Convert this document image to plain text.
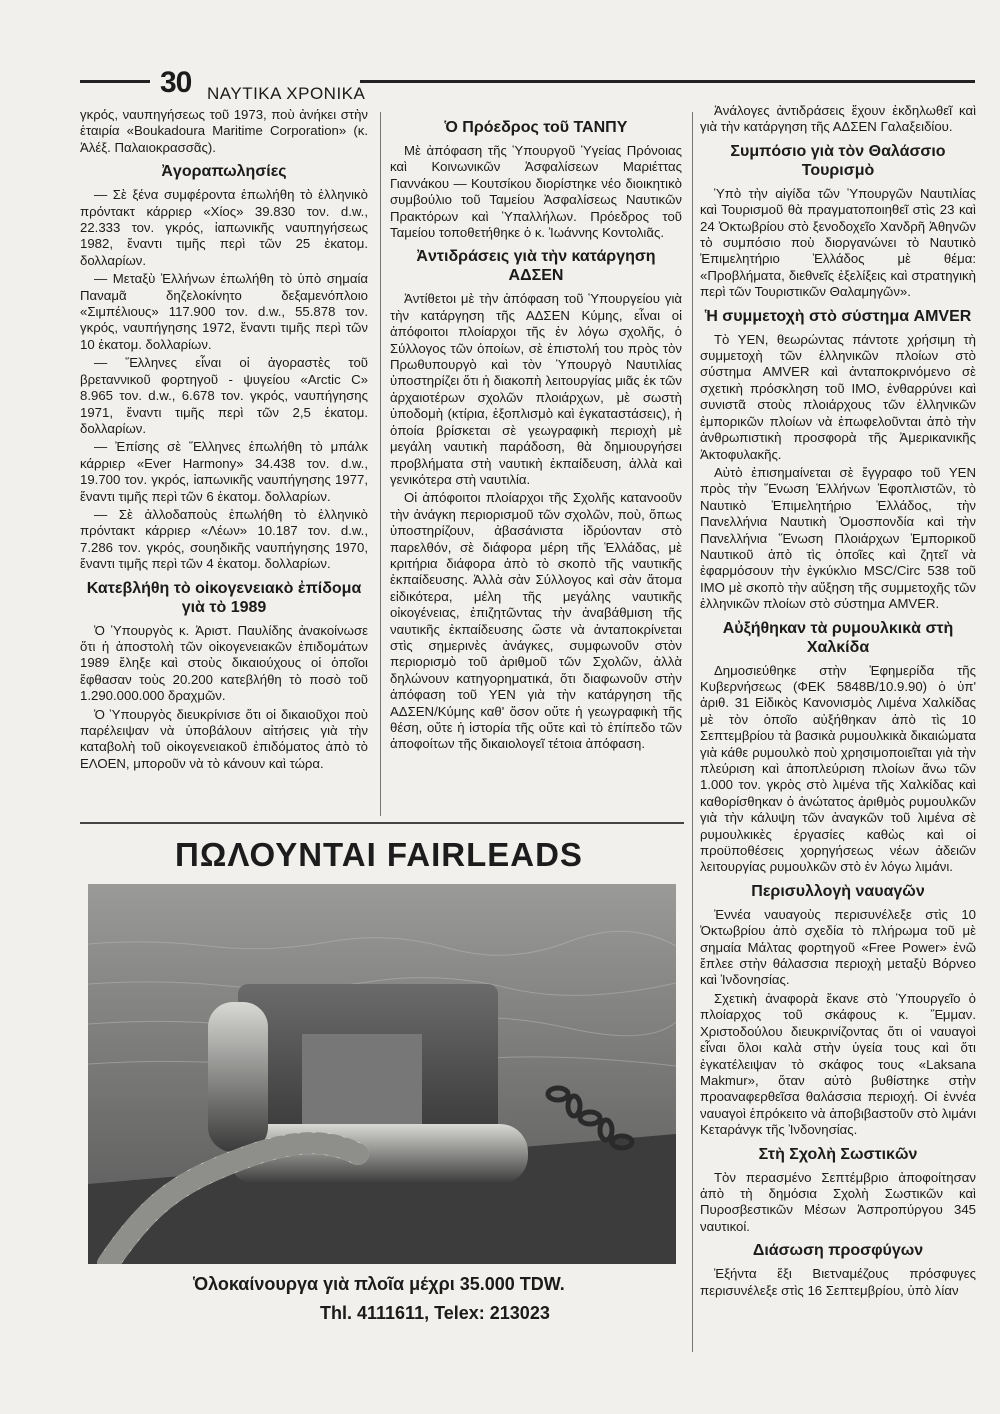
30 ΝΑΥΤΙΚΑ ΧΡΟΝΙΚΑ

γκρός, ναυπηγήσεως τοῦ 1973, ποὺ ἀνήκει στὴν ἑταιρία «Boukadoura Maritime Corporation» (κ. Ἀλέξ. Παλαιοκρασσᾶς).

Ἀγοραπωλησίες

— Σὲ ξένα συμφέροντα ἐπωλήθη τὸ ἑλληνικὸ πρόντακτ κάρριερ «Χίος» 39.830 τον. d.w., 22.333 τον. γκρός, ἰαπωνικῆς ναυπηγήσεως 1982, ἔναντι τιμῆς περὶ τῶν 25 ἑκατομ. δολλαρίων.

— Μεταξὺ Ἑλλήνων ἐπωλήθη τὸ ὑπὸ σημαία Παναμᾶ δηζελοκίνητο δεξαμενόπλοιο «Σιμπέλιους» 117.900 τον. d.w., 55.878 τον. γκρός, ναυπήγησης 1972, ἔναντι τιμῆς περὶ τῶν 10 ἑκατομ. δολλαρίων.

— Ἕλληνες εἶναι οἱ ἀγοραστὲς τοῦ βρεταννικοῦ φορτηγοῦ - ψυγείου «Arctic C» 8.965 τον. d.w., 6.678 τον. γκρός, ναυπήγησης 1971, ἔναντι τιμῆς περὶ τῶν 2,5 ἑκατομ. δολλαρίων.

— Ἐπίσης σὲ Ἕλληνες ἐπωλήθη τὸ μπάλκ κάρριερ «Ever Harmony» 34.438 τον. d.w., 19.700 τον. γκρός, ἰαπωνικῆς ναυπήγησης 1977, ἔναντι τιμῆς περὶ τῶν 6 ἑκατομ. δολλαρίων.

— Σὲ ἀλλοδαποὺς ἐπωλήθη τὸ ἑλληνικὸ πρόντακτ κάρριερ «Λέων» 10.187 τον. d.w., 7.286 τον. γκρός, σουηδικῆς ναυπήγησης 1970, ἔναντι τιμῆς περὶ τῶν 4 ἑκατομ. δολλαρίων.

Κατεβλήθη τὸ οἰκογενειακὸ ἐπίδομα γιὰ τὸ 1989

Ὁ Ὑπουργὸς κ. Ἀριστ. Παυλίδης ἀνακοίνωσε ὅτι ἡ ἀποστολὴ τῶν οἰκογενειακῶν ἐπιδομάτων 1989 ἔληξε καὶ στοὺς δικαιούχους οἱ ὁποῖοι ἔφθασαν τοὺς 20.200 κατεβλήθη τὸ ποσὸ τοῦ 1.290.000.000 δραχμῶν.

Ὁ Ὑπουργὸς διευκρίνισε ὅτι οἱ δικαιοῦχοι ποὺ παρέλειψαν νὰ ὑποβάλουν αἰτήσεις γιὰ τὴν καταβολὴ τοῦ οἰκογενειακοῦ ἐπιδόματος ἀπὸ τὸ ΕΛΟΕΝ, μποροῦν νὰ τὸ κάνουν καὶ τώρα.

Ὁ Πρόεδρος τοῦ ΤΑΝΠΥ

Μὲ ἀπόφαση τῆς Ὑπουργοῦ Ὑγείας Πρόνοιας καὶ Κοινωνικῶν Ἀσφαλίσεων Μαριέττας Γιαννάκου — Κουτσίκου διορίστηκε νέο διοικητικὸ συμβούλιο τοῦ Ταμείου Ἀσφαλίσεως Ναυτικῶν Πρακτόρων καὶ Ὑπαλλήλων. Πρόεδρος τοῦ Ταμείου τοποθετήθηκε ὁ κ. Ἰωάννης Κοντολιᾶς.

Ἀντιδράσεις γιὰ τὴν κατάργηση ΑΔΣΕΝ

Ἀντίθετοι μὲ τὴν ἀπόφαση τοῦ Ὑπουργείου γιὰ τὴν κατάργηση τῆς ΑΔΣΕΝ Κύμης, εἶναι οἱ ἀπόφοιτοι πλοίαρχοι τῆς ἐν λόγω σχολῆς, ὁ Σύλλογος τῶν ὁποίων, σὲ ἐπιστολή του πρὸς τὸν Πρωθυπουργὸ καὶ τὸν Ὑπουργὸ Ναυτιλίας ὑποστηρίζει ὅτι ἡ διακοπὴ λειτουργίας μιᾶς ἐκ τῶν ἀρχαιοτέρων σχολῶν πλοιάρχων, μὲ σωστὴ ὑποδομὴ (κτίρια, ἐξοπλισμὸ καὶ ἐγκαταστάσεις), ἡ ὁποία βρίσκεται σὲ γεωγραφικὴ περιοχὴ μὲ μεγάλη ναυτικὴ παράδοση, θὰ δημιουργήσει προβλήματα στὴ ναυτικὴ ἐκπαίδευση, ἀλλὰ καὶ γενικότερα στὴ ναυτιλία.

Οἱ ἀπόφοιτοι πλοίαρχοι τῆς Σχολῆς κατανοοῦν τὴν ἀνάγκη περιορισμοῦ τῶν σχολῶν, ποὺ, ὅπως ὑποστηρίζουν, ἀβασάνιστα ἱδρύονταν στὸ παρελθόν, σὲ διάφορα μέρη τῆς Ἑλλάδας, μὲ κριτήρια διάφορα ἀπὸ τὸ σκοπὸ τῆς ναυτικῆς ἐκπαίδευσης. Ἀλλὰ σὰν Σύλλογος καὶ σὰν ἄτομα εἰδικότερα, μέλη τῆς μεγάλης ναυτικῆς οἰκογένειας, ἐπιζητῶντας τὴν ἀναβάθμιση τῆς ναυτικῆς ἐκπαίδευσης ὥστε νὰ ἀνταποκρίνεται στὶς σημερινὲς ἀνάγκες, συμφωνοῦν στὸν περιορισμὸ τοῦ ἀριθμοῦ τῶν Σχολῶν, ἀλλὰ δηλώνουν κατηγορηματικά, ὅτι διαφωνοῦν στὴν ἀπόφαση τοῦ ΥΕΝ γιὰ τὴν κατάργηση τῆς ΑΔΣΕΝ/Κύμης καθ' ὅσον οὔτε ἡ γεωγραφικὴ τῆς θέση, οὔτε ἡ ἱστορία τῆς οὔτε καὶ τὸ ἐπίπεδο τῶν ἀποφοίτων τῆς δικαιολογεῖ τέτοια ἀπόφαση.

Ἀνάλογες ἀντιδράσεις ἔχουν ἐκδηλωθεῖ καὶ γιὰ τὴν κατάργηση τῆς ΑΔΣΕΝ Γαλαξειδίου.

Συμπόσιο γιὰ τὸν Θαλάσσιο Τουρισμὸ

Ὑπὸ τὴν αἰγίδα τῶν Ὑπουργῶν Ναυτιλίας καὶ Τουρισμοῦ θὰ πραγματοποιηθεῖ στὶς 23 καὶ 24 Ὀκτωβρίου στὸ ξενοδοχεῖο Χανδρῆ Ἀθηνῶν τὸ συμπόσιο ποὺ διοργανώνει τὸ Ναυτικὸ Ἐπιμελητήριο Ἑλλάδος μὲ θέμα: «Προβλήματα, διεθνεῖς ἐξελίξεις καὶ στρατηγικὴ περὶ τῶν Τουριστικῶν Θαλαμηγῶν».

Ἡ συμμετοχὴ στὸ σύστημα AMVER

Τὸ ΥΕΝ, θεωρώντας πάντοτε χρήσιμη τὴ συμμετοχὴ τῶν ἑλληνικῶν πλοίων στὸ σύστημα AMVER καὶ ἀνταποκρινόμενο σὲ σχετικὴ πρόσκληση τοῦ IMO, ἐνθαρρύνει καὶ συνιστᾶ στοὺς πλοιάρχους τῶν ἑλληνικῶν ἐμπορικῶν πλοίων νὰ ἐπωφελοῦνται ἀπὸ τὴν ἀνθρωπιστικὴ προσφορὰ τῆς Ἀμερικανικῆς Ἀκτοφυλακῆς.

Αὐτὸ ἐπισημαίνεται σὲ ἔγγραφο τοῦ ΥΕΝ πρὸς τὴν Ἕνωση Ἑλλήνων Ἐφοπλιστῶν, τὸ Ναυτικὸ Ἐπιμελητήριο Ἑλλάδος, τὴν Πανελλήνια Ναυτικὴ Ὁμοσπονδία καὶ τὴν Πανελλήνια Ἕνωση Πλοιάρχων Ἐμπορικοῦ Ναυτικοῦ ἀπὸ τὶς ὁποῖες καὶ ζητεῖ νὰ ἐφαρμόσουν τὴν ἐγκύκλιο MSC/Circ 538 τοῦ IMO μὲ σκοπὸ τὴν αὔξηση τῆς συμμετοχῆς τῶν ἑλληνικῶν πλοίων στὸ σύστημα AMVER.

Αὐξήθηκαν τὰ ρυμουλκικὰ στὴ Χαλκίδα

Δημοσιεύθηκε στὴν Ἐφημερίδα τῆς Κυβερνήσεως (ΦΕΚ 5848Β/10.9.90) ὁ ὑπ' ἀριθ. 31 Εἰδικὸς Κανονισμὸς Λιμένα Χαλκίδας μὲ τὸν ὁποῖο αὐξήθηκαν ἀπὸ τὶς 10 Σεπτεμβρίου τὰ βασικὰ ρυμουλκικὰ δικαιώματα γιὰ κάθε ρυμουλκὸ ποὺ χρησιμοποιεῖται γιὰ τὴν πλεύριση καὶ ἀποπλεύριση πλοίων ἄνω τῶν 1.000 τον. γκρὸς στὸ λιμένα τῆς Χαλκίδας καὶ καθορίσθηκαν ὁ ἀνώτατος ἀριθμὸς ρυμουλκῶν γιὰ τὴν κάλυψη τῶν ἀναγκῶν τοῦ λιμένα σὲ ρυμουλκικὲς ἐργασίες καθὼς καὶ οἱ προϋποθέσεις χορηγήσεως νέων ἀδειῶν λειτουργίας ρυμουλκῶν στὸ ἐν λόγω λιμάνι.

Περισυλλογὴ ναυαγῶν

Ἐννέα ναυαγοὺς περισυνέλεξε στὶς 10 Ὀκτωβρίου ἀπὸ σχεδία τὸ πλήρωμα τοῦ μὲ σημαία Μάλτας φορτηγοῦ «Free Power» ἐνῶ ἔπλεε στὴν θάλασσια περιοχὴ μεταξὺ Βόρνεο καὶ Ἰνδονησίας.

Σχετικὴ ἀναφορὰ ἔκανε στὸ Ὑπουργεῖο ὁ πλοίαρχος τοῦ σκάφους κ. Ἔμμαν. Χριστοδούλου διευκρινίζοντας ὅτι οἱ ναυαγοὶ εἶναι ὅλοι καλὰ στὴν ὑγεία τους καὶ ὅτι ἐγκατέλειψαν τὸ σκάφος τους «Laksana Makmur», ὅταν αὐτὸ βυθίστηκε στὴν προαναφερθεῖσα θαλάσσια περιοχή. Οἱ ἐννέα ναυαγοὶ ἐπρόκειτο νὰ ἀποβιβαστοῦν στὸ λιμάνι Κεταράνγκ τῆς Ἰνδονησίας.

Στὴ Σχολὴ Σωστικῶν

Τὸν περασμένο Σεπτέμβριο ἀποφοίτησαν ἀπὸ τὴ δημόσια Σχολὴ Σωστικῶν καὶ Πυροσβεστικῶν Μέσων Ἀσπροπύργου 345 ναυτικοί.

Διάσωση προσφύγων

Ἑξήντα ἕξι Βιετναμέζους πρόσφυγες περισυνέλεξε στὶς 16 Σεπτεμβρίου, ὑπὸ λίαν

ΠΩΛΟΥΝΤΑΙ FAIRLEADS
Ὁλοκαίνουργα γιὰ πλοῖα μέχρι 35.000 TDW.
Thl. 4111611, Telex: 213023
